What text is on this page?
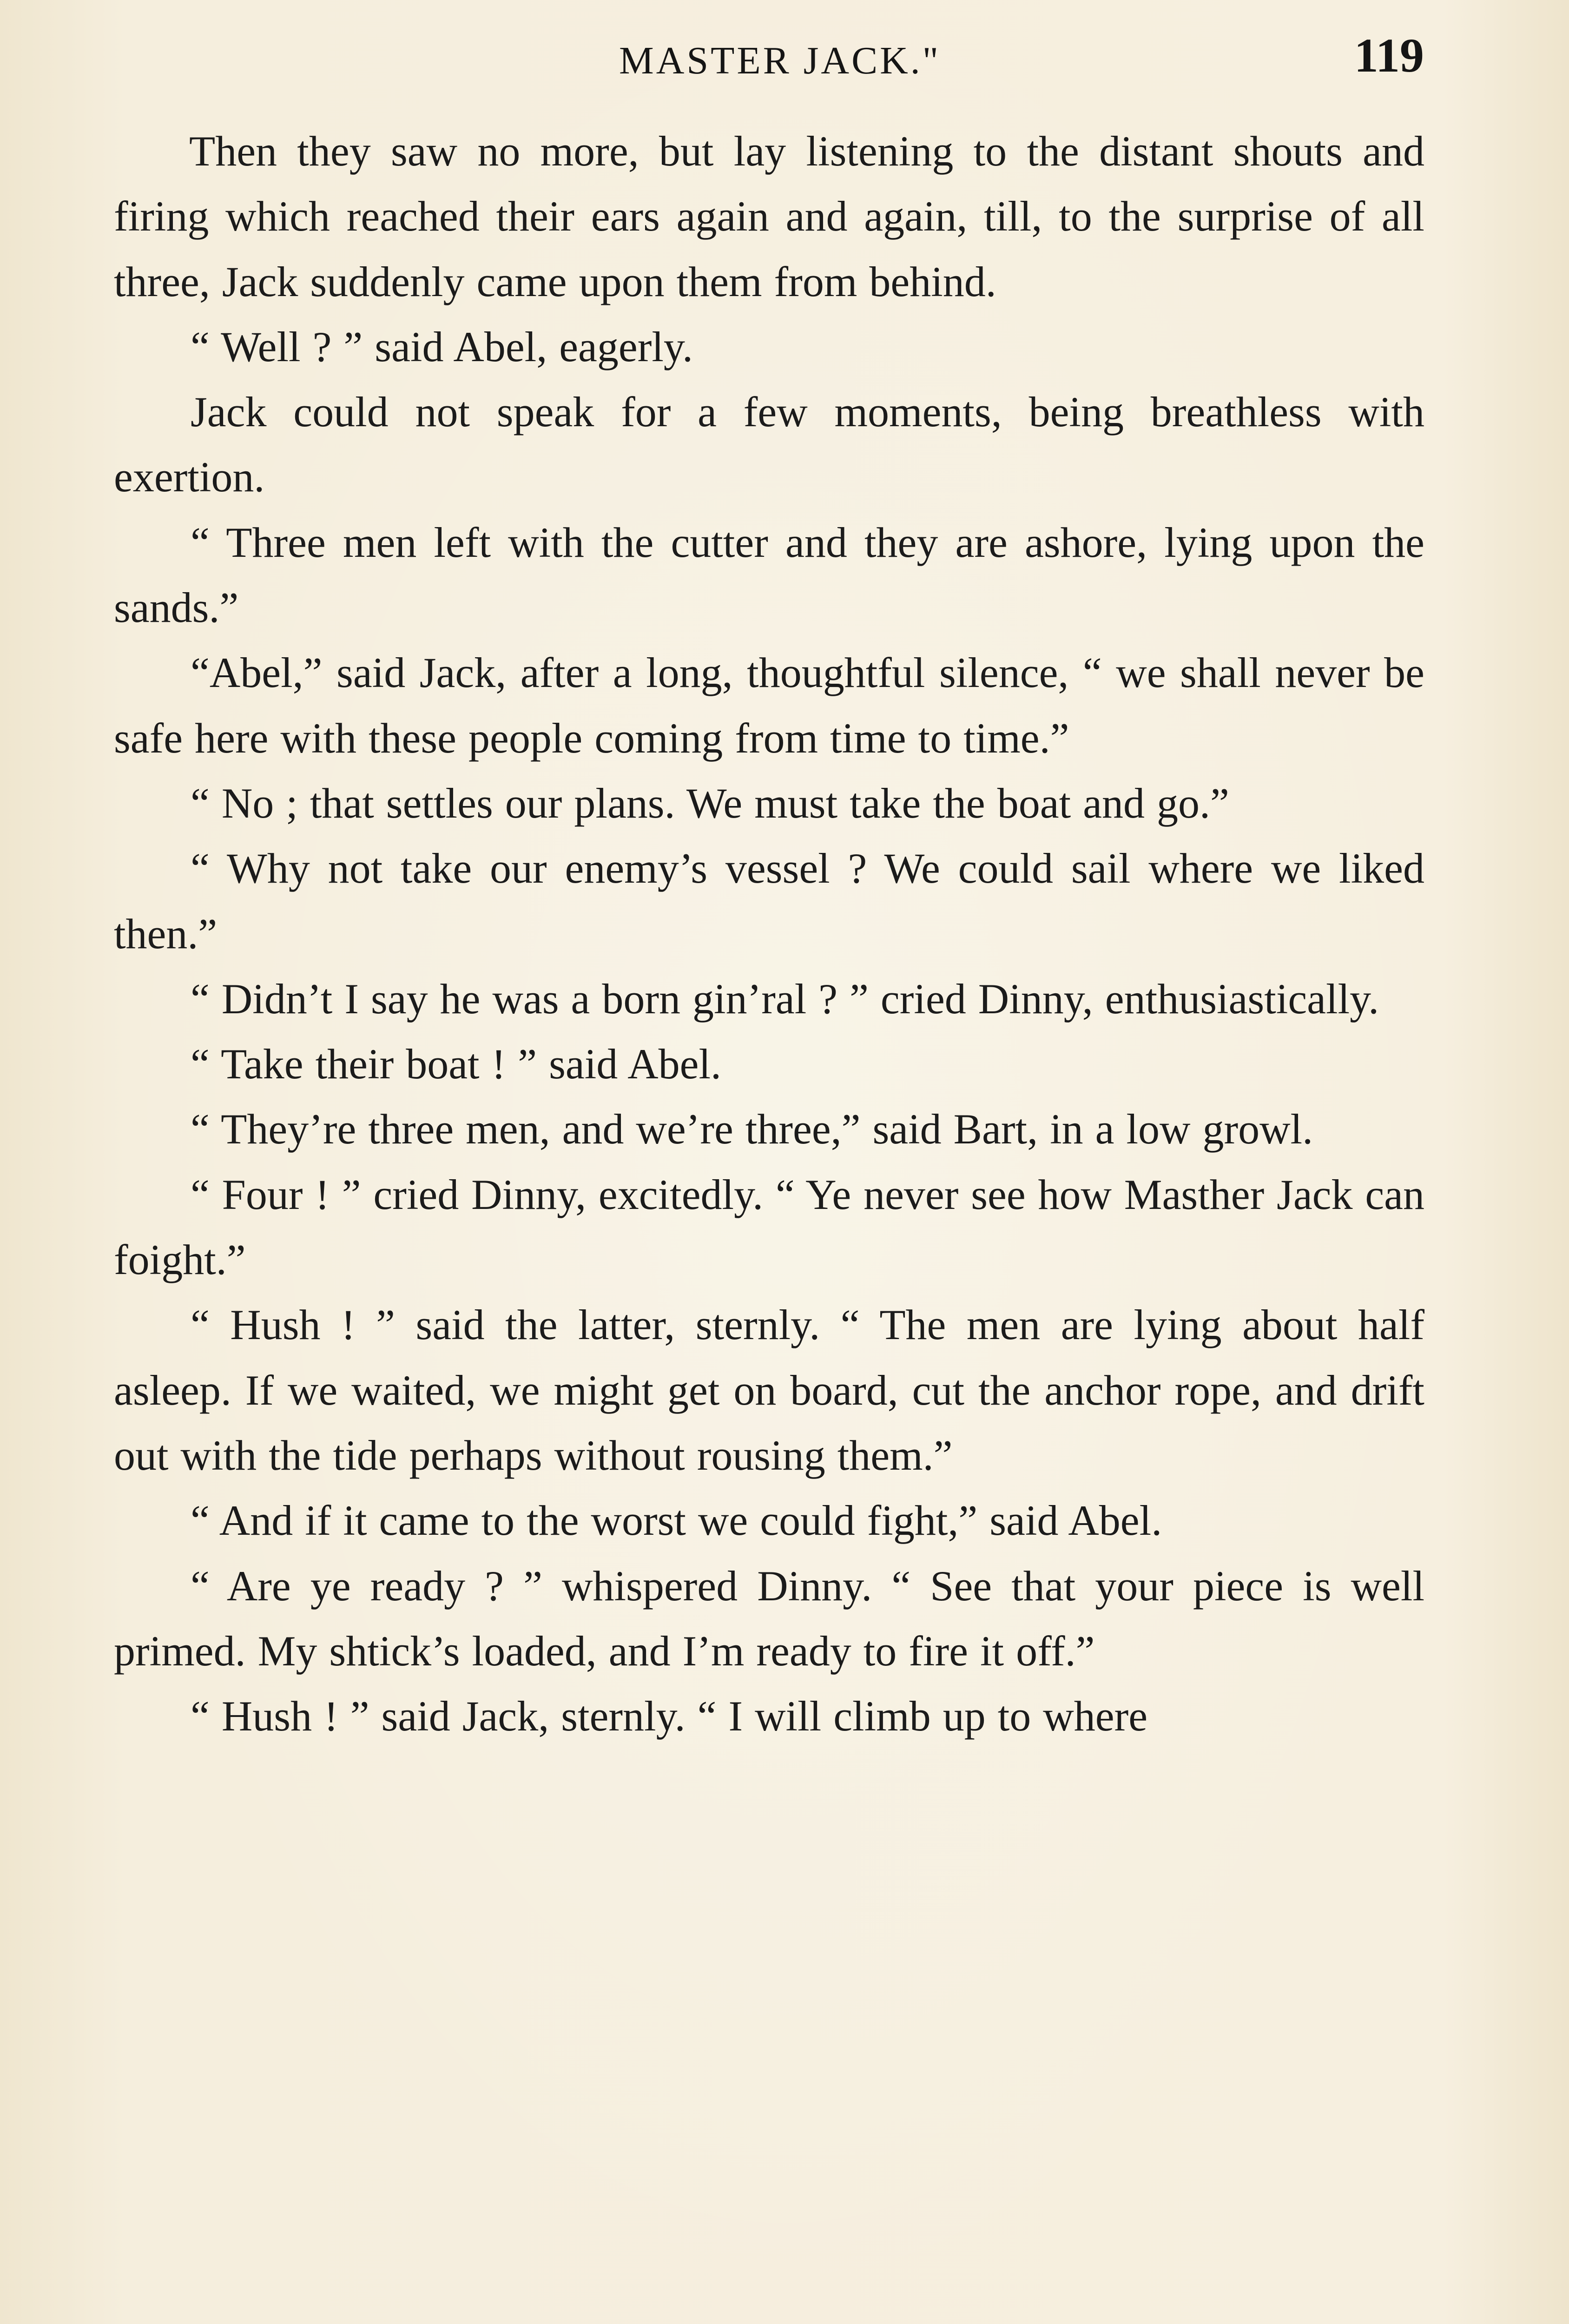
MASTER JACK."	119

Then they saw no more, but lay listening to the distant shouts and firing which reached their ears again and again, till, to the surprise of all three, Jack suddenly came upon them from behind.

“ Well ? ” said Abel, eagerly.

Jack could not speak for a few moments, being breathless with exertion.

“ Three men left with the cutter and they are ashore, lying upon the sands.”

“Abel,” said Jack, after a long, thoughtful silence, “ we shall never be safe here with these people coming from time to time.”

“ No ; that settles our plans. We must take the boat and go.”

“ Why not take our enemy’s vessel ? We could sail where we liked then.”

“ Didn’t I say he was a born gin’ral ? ” cried Dinny, enthusiastically.

“ Take their boat ! ” said Abel.

“ They’re three men, and we’re three,” said Bart, in a low growl.

“ Four ! ” cried Dinny, excitedly. “ Ye never see how Masther Jack can foight.”

“ Hush ! ” said the latter, sternly. “ The men are lying about half asleep. If we waited, we might get on board, cut the anchor rope, and drift out with the tide perhaps without rousing them.”

“ And if it came to the worst we could fight,” said Abel.

“ Are ye ready ? ” whispered Dinny. “ See that your piece is well primed. My shtick’s loaded, and I’m ready to fire it off.”

“ Hush ! ” said Jack, sternly. “ I will climb up to where
